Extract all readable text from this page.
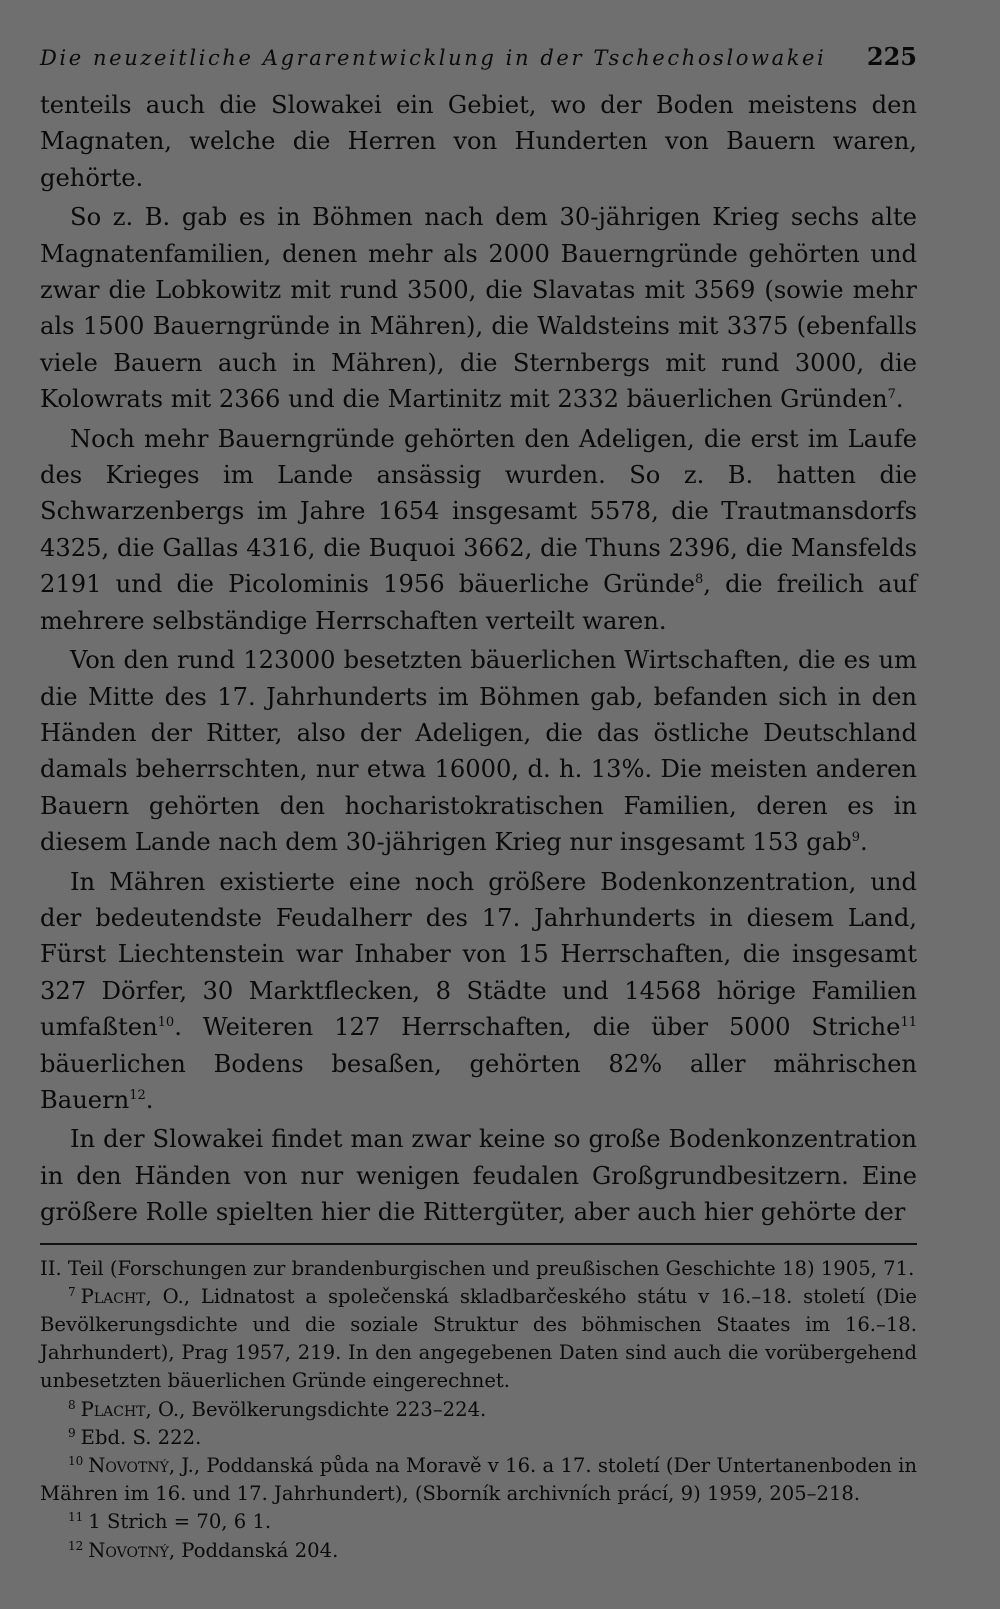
Die neuzeitliche Agrarentwicklung in der Tschechoslowakei 225

tenteils auch die Slowakei ein Gebiet, wo der Boden meistens den Magnaten, welche die Herren von Hunderten von Bauern waren, gehörte.

So z. B. gab es in Böhmen nach dem 30-jährigen Krieg sechs alte Magnatenfamilien, denen mehr als 2000 Bauerngründe gehörten und zwar die Lobkowitz mit rund 3500, die Slavatas mit 3569 (sowie mehr als 1500 Bauerngründe in Mähren), die Waldsteins mit 3375 (ebenfalls viele Bauern auch in Mähren), die Sternbergs mit rund 3000, die Kolowrats mit 2366 und die Martinitz mit 2332 bäuerlichen Gründen$^7$.

Noch mehr Bauerngründe gehörten den Adeligen, die erst im Laufe des Krieges im Lande ansässig wurden. So z. B. hatten die Schwarzenbergs im Jahre 1654 insgesamt 5578, die Trautmansdorfs 4325, die Gallas 4316, die Buquoi 3662, die Thuns 2396, die Mansfelds 2191 und die Picolominis 1956 bäuerliche Gründe$^8$, die freilich auf mehrere selbständige Herrschaften verteilt waren.

Von den rund 123000 besetzten bäuerlichen Wirtschaften, die es um die Mitte des 17. Jahrhunderts im Böhmen gab, befanden sich in den Händen der Ritter, also der Adeligen, die das östliche Deutschland damals beherrschten, nur etwa 16000, d. h. 13%. Die meisten anderen Bauern gehörten den hocharistokratischen Familien, deren es in diesem Lande nach dem 30-jährigen Krieg nur insgesamt 153 gab$^9$.

In Mähren existierte eine noch größere Bodenkonzentration, und der bedeutendste Feudalherr des 17. Jahrhunderts in diesem Land, Fürst Liechtenstein war Inhaber von 15 Herrschaften, die insgesamt 327 Dörfer, 30 Marktflecken, 8 Städte und 14568 hörige Familien umfaßten$^{10}$. Weiteren 127 Herrschaften, die über 5000 Striche$^{11}$ bäuerlichen Bodens besaßen, gehörten 82% aller mährischen Bauern$^{12}$.

In der Slowakei findet man zwar keine so große Bodenkonzentration in den Händen von nur wenigen feudalen Großgrundbesitzern. Eine größere Rolle spielten hier die Rittergüter, aber auch hier gehörte der

II. Teil (Forschungen zur brandenburgischen und preußischen Geschichte 18) 1905, 71.

$^7$ Placht, O., Lidnatost a společenská skladbarčeského státu v 16.–18. století (Die Bevölkerungsdichte und die soziale Struktur des böhmischen Staates im 16.–18. Jahrhundert), Prag 1957, 219. In den angegebenen Daten sind auch die vorübergehend unbesetzten bäuerlichen Gründe eingerechnet.

$^8$ Placht, O., Bevölkerungsdichte 223–224.

$^9$ Ebd. S. 222.

$^{10}$ Novotný, J., Poddanská půda na Moravě v 16. a 17. století (Der Untertanenboden in Mähren im 16. und 17. Jahrhundert), (Sborník archivních prácí, 9) 1959, 205–218.

$^{11}$ 1 Strich = 70, 6 1.

$^{12}$ Novotný, Poddanská 204.
